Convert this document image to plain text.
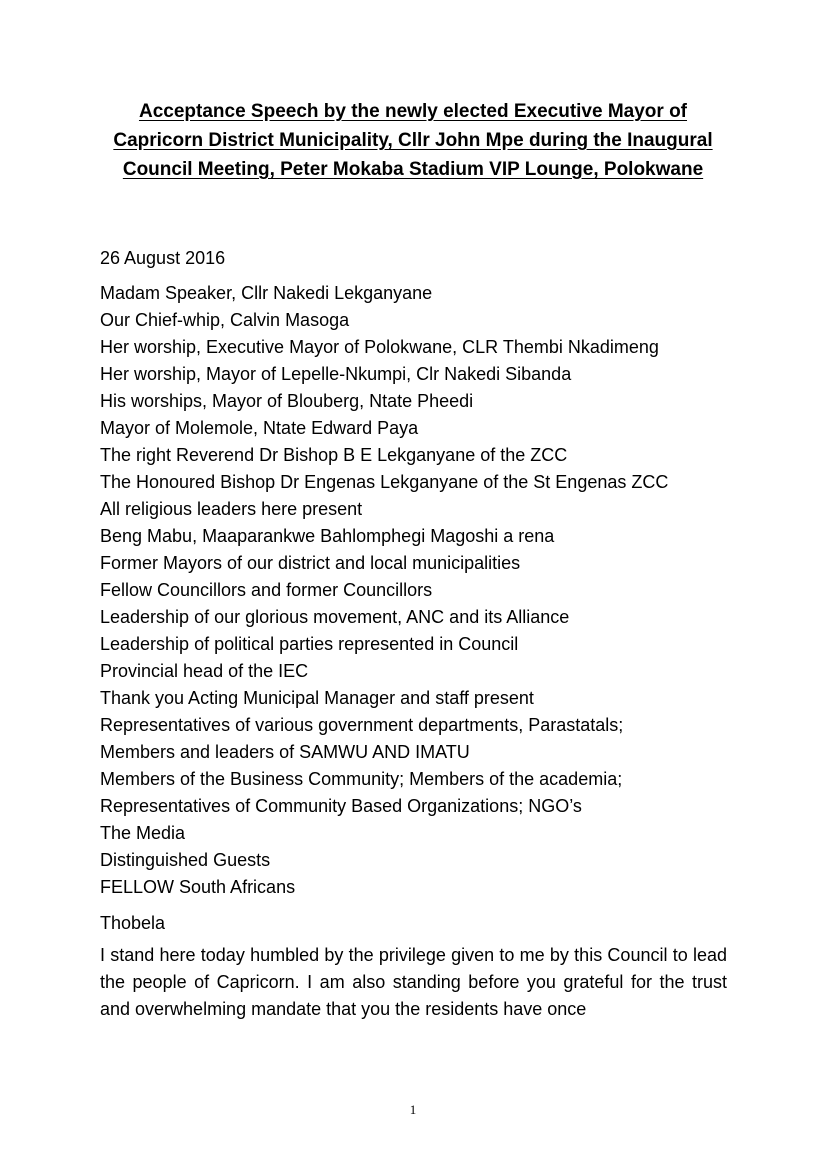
Acceptance Speech by the newly elected Executive Mayor of Capricorn District Municipality, Cllr John Mpe during the Inaugural Council Meeting, Peter Mokaba Stadium VIP Lounge, Polokwane
26 August 2016
Madam Speaker, Cllr Nakedi Lekganyane
Our Chief-whip, Calvin Masoga
Her worship, Executive Mayor of Polokwane, CLR Thembi Nkadimeng
Her worship, Mayor of Lepelle-Nkumpi, Clr Nakedi Sibanda
His worships, Mayor of Blouberg, Ntate Pheedi
Mayor of Molemole, Ntate Edward Paya
The right Reverend Dr Bishop B E Lekganyane of the ZCC
The Honoured Bishop Dr Engenas Lekganyane of the St Engenas ZCC
All religious leaders here present
Beng Mabu, Maaparankwe Bahlomphegi Magoshi a rena
Former Mayors of our district and local municipalities
Fellow Councillors and former Councillors
Leadership of our glorious movement, ANC and its Alliance
Leadership of political parties represented in Council
Provincial head of the IEC
Thank you Acting Municipal Manager and staff present
Representatives of various government departments, Parastatals;
Members and leaders of SAMWU AND IMATU
Members of the Business Community; Members of the academia;
Representatives of Community Based Organizations; NGO’s
The Media
Distinguished Guests
FELLOW South Africans
Thobela

I stand here today humbled by the privilege given to me by this Council to lead the people of Capricorn. I am also standing before you grateful for the trust and overwhelming mandate that you the residents have once

1
